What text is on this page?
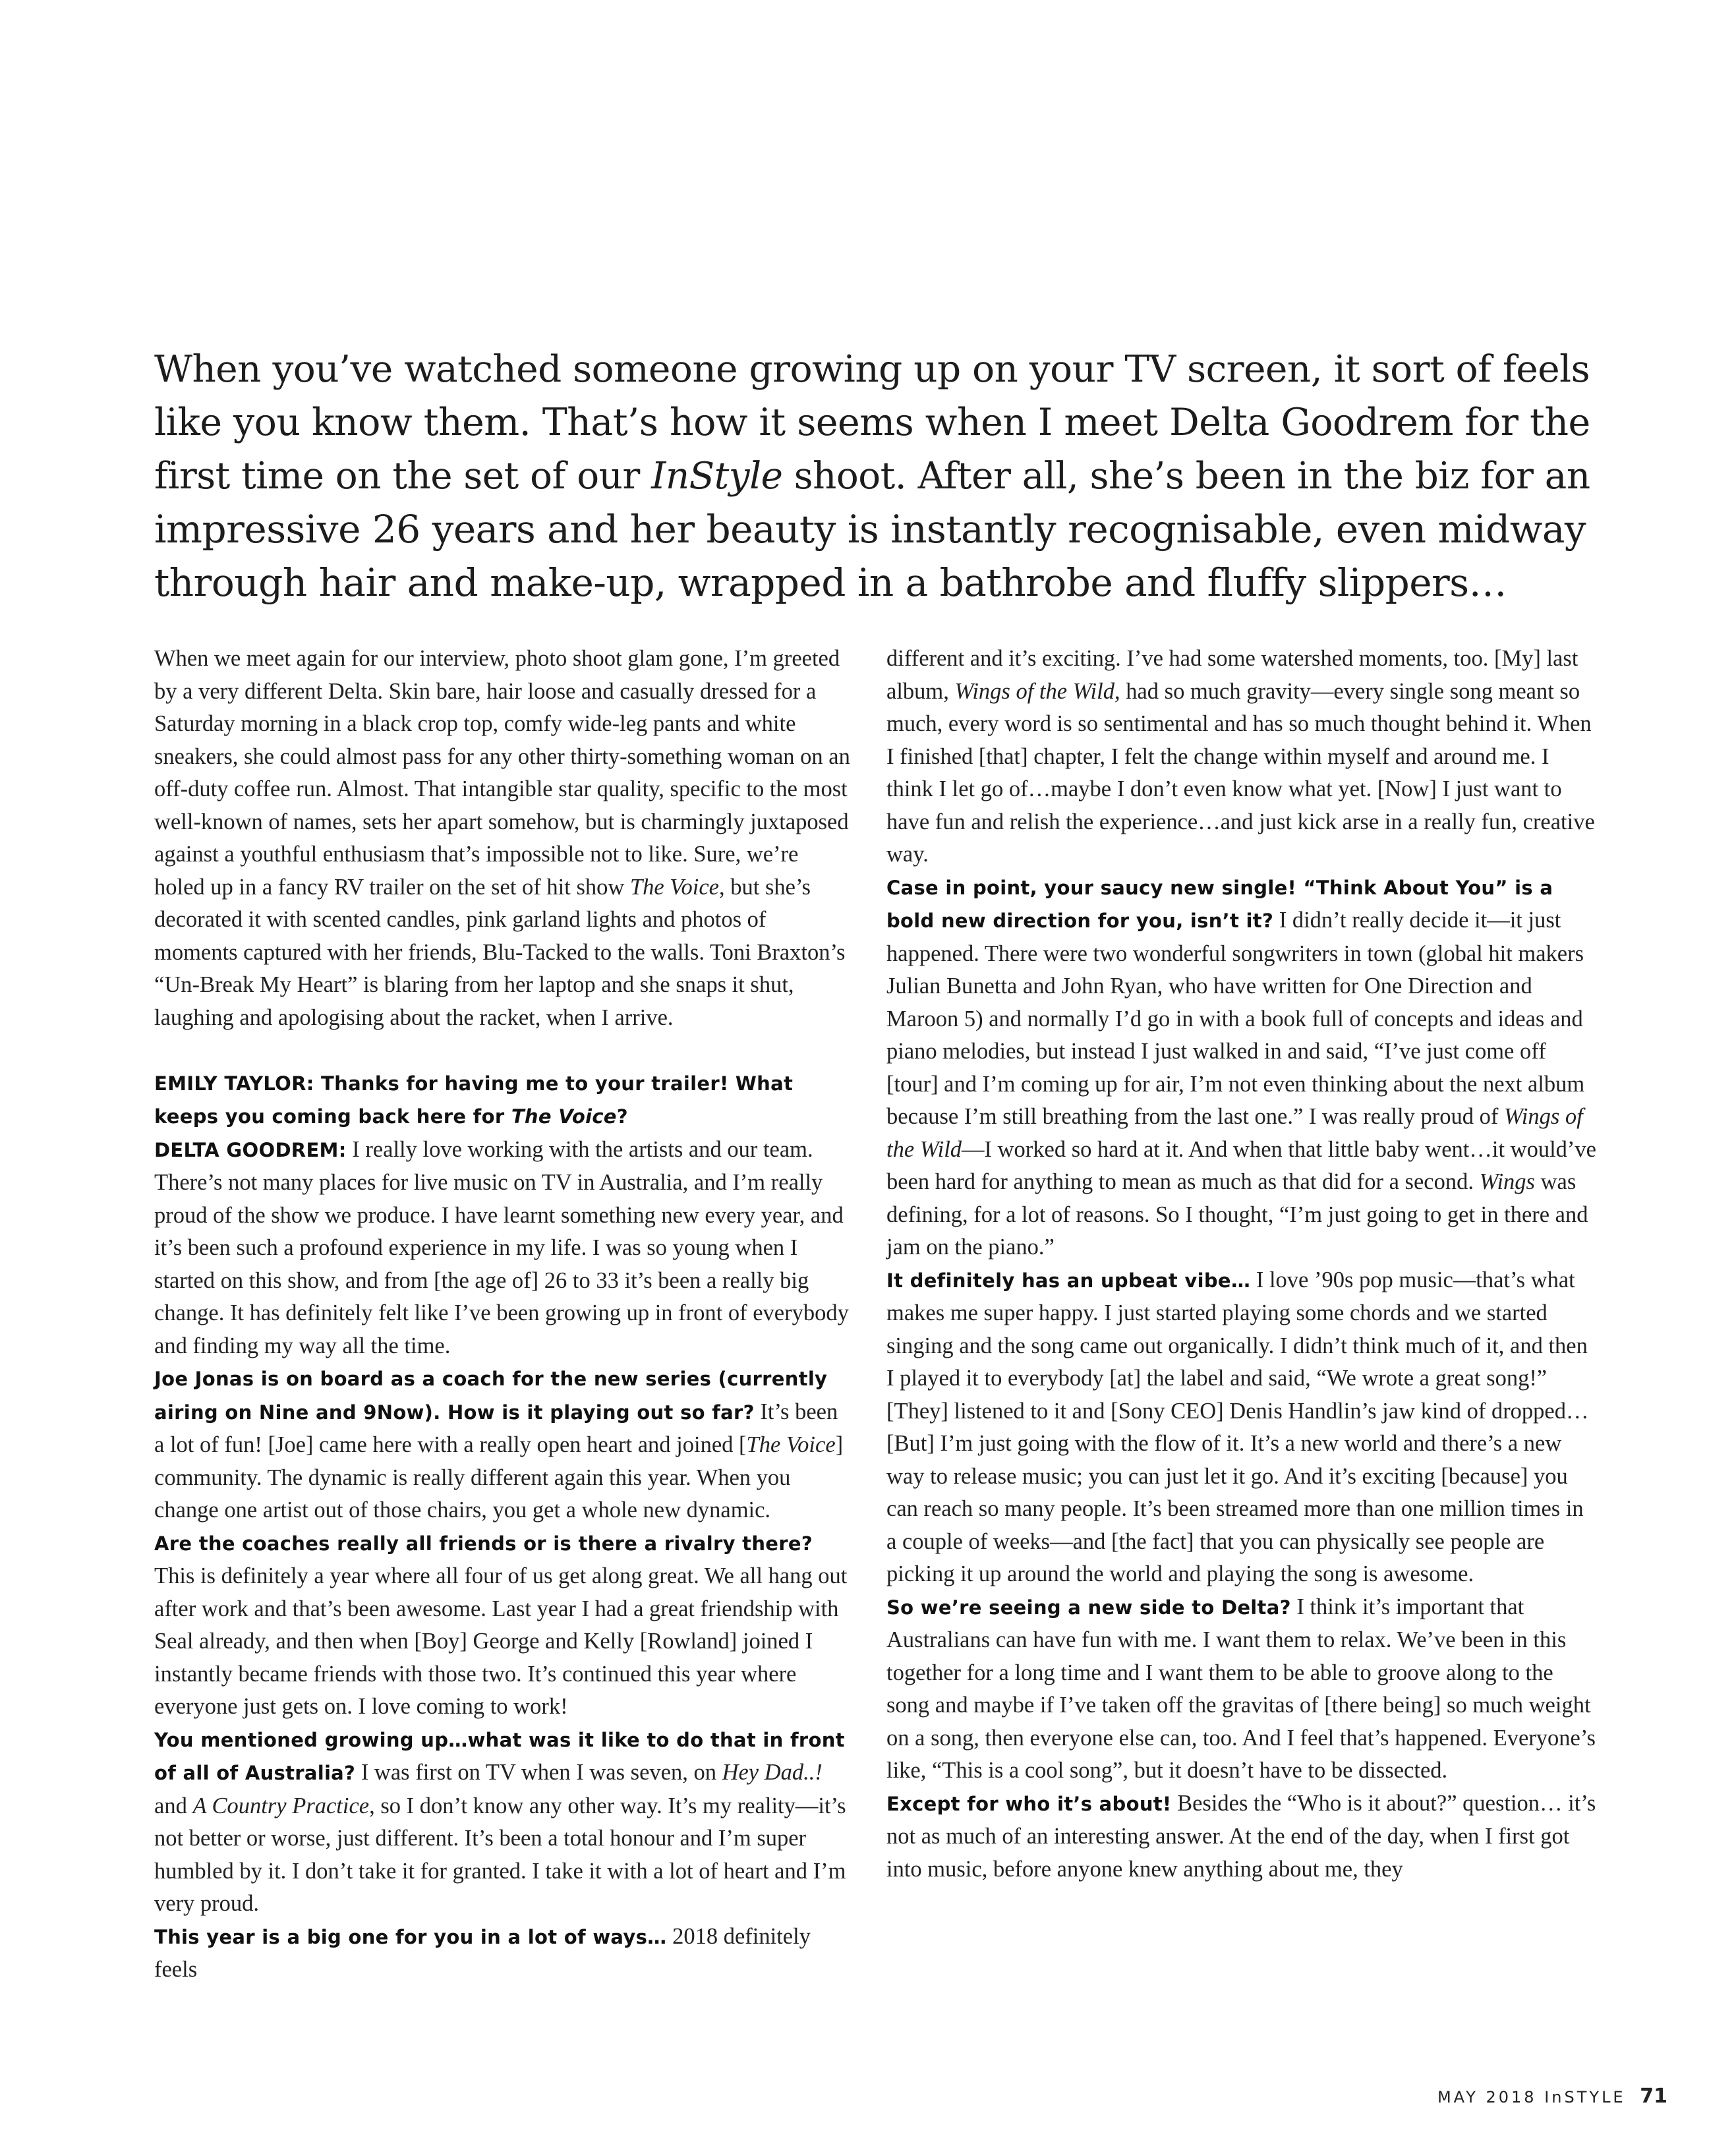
When you’ve watched someone growing up on your TV screen, it sort of feels
like you know them. That’s how it seems when I meet Delta Goodrem for the
first time on the set of our InStyle shoot. After all, she’s been in the biz for an
impressive 26 years and her beauty is instantly recognisable, even midway
through hair and make-up, wrapped in a bathrobe and fluffy slippers…

When we meet again for our interview, photo shoot glam gone, I’m greeted by a very different Delta. Skin bare, hair loose and casually dressed for a Saturday morning in a black crop top, comfy wide-leg pants and white sneakers, she could almost pass for any other thirty-something woman on an off-duty coffee run. Almost. That intangible star quality, specific to the most well-known of names, sets her apart somehow, but is charmingly juxtaposed against a youthful enthusiasm that’s impossible not to like. Sure, we’re holed up in a fancy RV trailer on the set of hit show The Voice, but she’s decorated it with scented candles, pink garland lights and photos of moments captured with her friends, Blu-Tacked to the walls. Toni Braxton’s “Un-Break My Heart” is blaring from her laptop and she snaps it shut, laughing and apologising about the racket, when I arrive.

EMILY TAYLOR: Thanks for having me to your trailer! What keeps you coming back here for The Voice?

DELTA GOODREM: I really love working with the artists and our team. There’s not many places for live music on TV in Australia, and I’m really proud of the show we produce. I have learnt something new every year, and it’s been such a profound experience in my life. I was so young when I started on this show, and from [the age of] 26 to 33 it’s been a really big change. It has definitely felt like I’ve been growing up in front of everybody and finding my way all the time.

Joe Jonas is on board as a coach for the new series (currently airing on Nine and 9Now). How is it playing out so far? It’s been a lot of fun! [Joe] came here with a really open heart and joined [The Voice] community. The dynamic is really different again this year. When you change one artist out of those chairs, you get a whole new dynamic.

Are the coaches really all friends or is there a rivalry there? This is definitely a year where all four of us get along great. We all hang out after work and that’s been awesome. Last year I had a great friendship with Seal already, and then when [Boy] George and Kelly [Rowland] joined I instantly became friends with those two. It’s continued this year where everyone just gets on. I love coming to work!

You mentioned growing up…what was it like to do that in front of all of Australia? I was first on TV when I was seven, on Hey Dad..! and A Country Practice, so I don’t know any other way. It’s my reality—it’s not better or worse, just different. It’s been a total honour and I’m super humbled by it. I don’t take it for granted. I take it with a lot of heart and I’m very proud.

This year is a big one for you in a lot of ways… 2018 definitely feels

different and it’s exciting. I’ve had some watershed moments, too. [My] last album, Wings of the Wild, had so much gravity—every single song meant so much, every word is so sentimental and has so much thought behind it. When I finished [that] chapter, I felt the change within myself and around me. I think I let go of…maybe I don’t even know what yet. [Now] I just want to have fun and relish the experience…and just kick arse in a really fun, creative way.

Case in point, your saucy new single! “Think About You” is a bold new direction for you, isn’t it? I didn’t really decide it—it just happened. There were two wonderful songwriters in town (global hit makers Julian Bunetta and John Ryan, who have written for One Direction and Maroon 5) and normally I’d go in with a book full of concepts and ideas and piano melodies, but instead I just walked in and said, “I’ve just come off [tour] and I’m coming up for air, I’m not even thinking about the next album because I’m still breathing from the last one.” I was really proud of Wings of the Wild—I worked so hard at it. And when that little baby went…it would’ve been hard for anything to mean as much as that did for a second. Wings was defining, for a lot of reasons. So I thought, “I’m just going to get in there and jam on the piano.”

It definitely has an upbeat vibe… I love ’90s pop music—that’s what makes me super happy. I just started playing some chords and we started singing and the song came out organically. I didn’t think much of it, and then I played it to everybody [at] the label and said, “We wrote a great song!” [They] listened to it and [Sony CEO] Denis Handlin’s jaw kind of dropped…[But] I’m just going with the flow of it. It’s a new world and there’s a new way to release music; you can just let it go. And it’s exciting [because] you can reach so many people. It’s been streamed more than one million times in a couple of weeks—and [the fact] that you can physically see people are picking it up around the world and playing the song is awesome.

So we’re seeing a new side to Delta? I think it’s important that Australians can have fun with me. I want them to relax. We’ve been in this together for a long time and I want them to be able to groove along to the song and maybe if I’ve taken off the gravitas of [there being] so much weight on a song, then everyone else can, too. And I feel that’s happened. Everyone’s like, “This is a cool song”, but it doesn’t have to be dissected.

Except for who it’s about! Besides the “Who is it about?” question… it’s not as much of an interesting answer. At the end of the day, when I first got into music, before anyone knew anything about me, they

MAY 2018 InSTYLE 71
